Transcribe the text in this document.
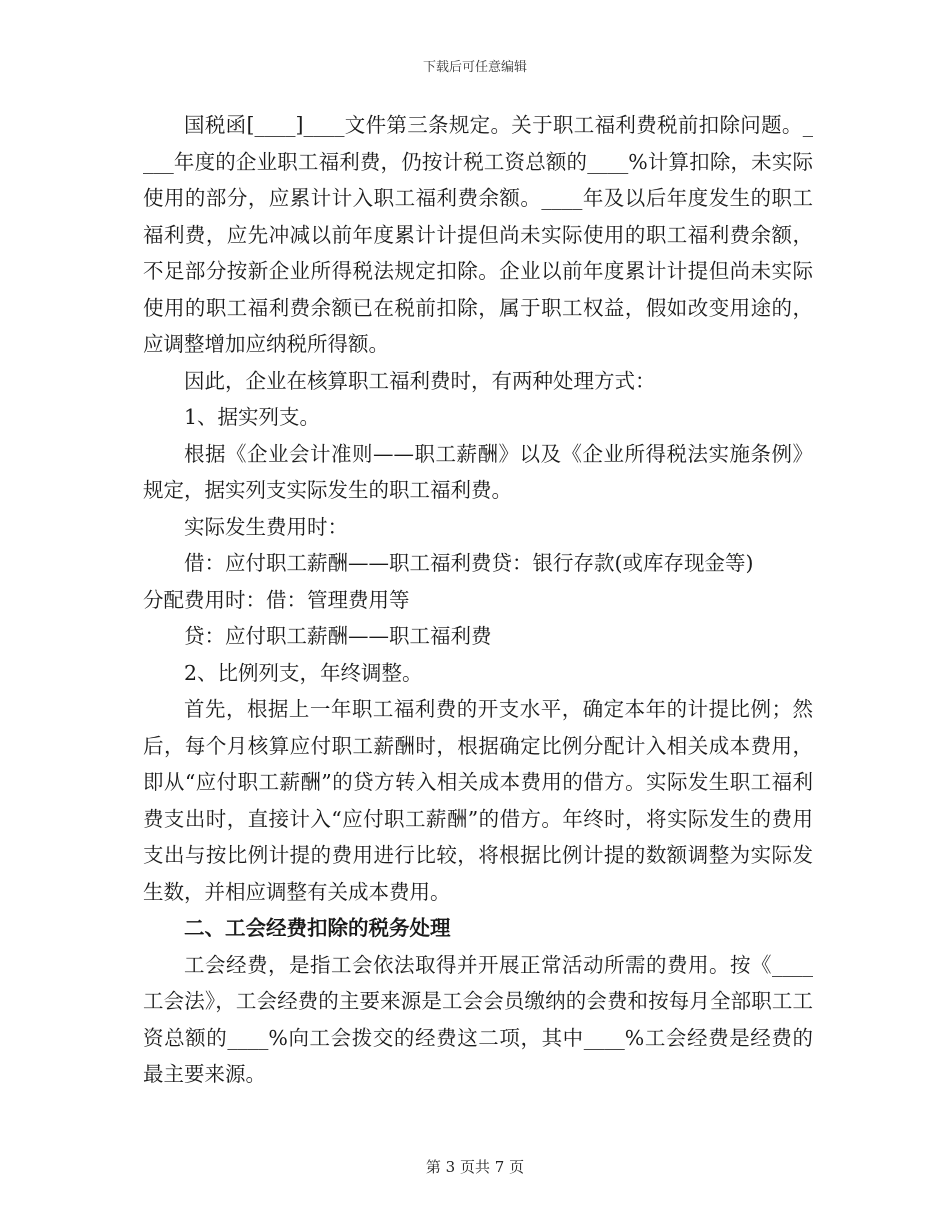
下载后可任意编辑

国税函[____]____文件第三条规定。关于职工福利费税前扣除问题。____年度的企业职工福利费，仍按计税工资总额的____%计算扣除，未实际使用的部分，应累计计入职工福利费余额。____年及以后年度发生的职工福利费，应先冲减以前年度累计计提但尚未实际使用的职工福利费余额，不足部分按新企业所得税法规定扣除。企业以前年度累计计提但尚未实际使用的职工福利费余额已在税前扣除，属于职工权益，假如改变用途的，应调整增加应纳税所得额。

因此，企业在核算职工福利费时，有两种处理方式：

1、据实列支。

根据《企业会计准则——职工薪酬》以及《企业所得税法实施条例》规定，据实列支实际发生的职工福利费。

实际发生费用时：

借：应付职工薪酬——职工福利费贷：银行存款(或库存现金等)

分配费用时：借：管理费用等

贷：应付职工薪酬——职工福利费

2、比例列支，年终调整。

首先，根据上一年职工福利费的开支水平，确定本年的计提比例；然后，每个月核算应付职工薪酬时，根据确定比例分配计入相关成本费用，即从“应付职工薪酬”的贷方转入相关成本费用的借方。实际发生职工福利费支出时，直接计入“应付职工薪酬”的借方。年终时，将实际发生的费用支出与按比例计提的费用进行比较，将根据比例计提的数额调整为实际发生数，并相应调整有关成本费用。

二、工会经费扣除的税务处理

工会经费，是指工会依法取得并开展正常活动所需的费用。按《____工会法》，工会经费的主要来源是工会会员缴纳的会费和按每月全部职工工资总额的____%向工会拨交的经费这二项，其中____%工会经费是经费的最主要来源。

第 3 页共 7 页
